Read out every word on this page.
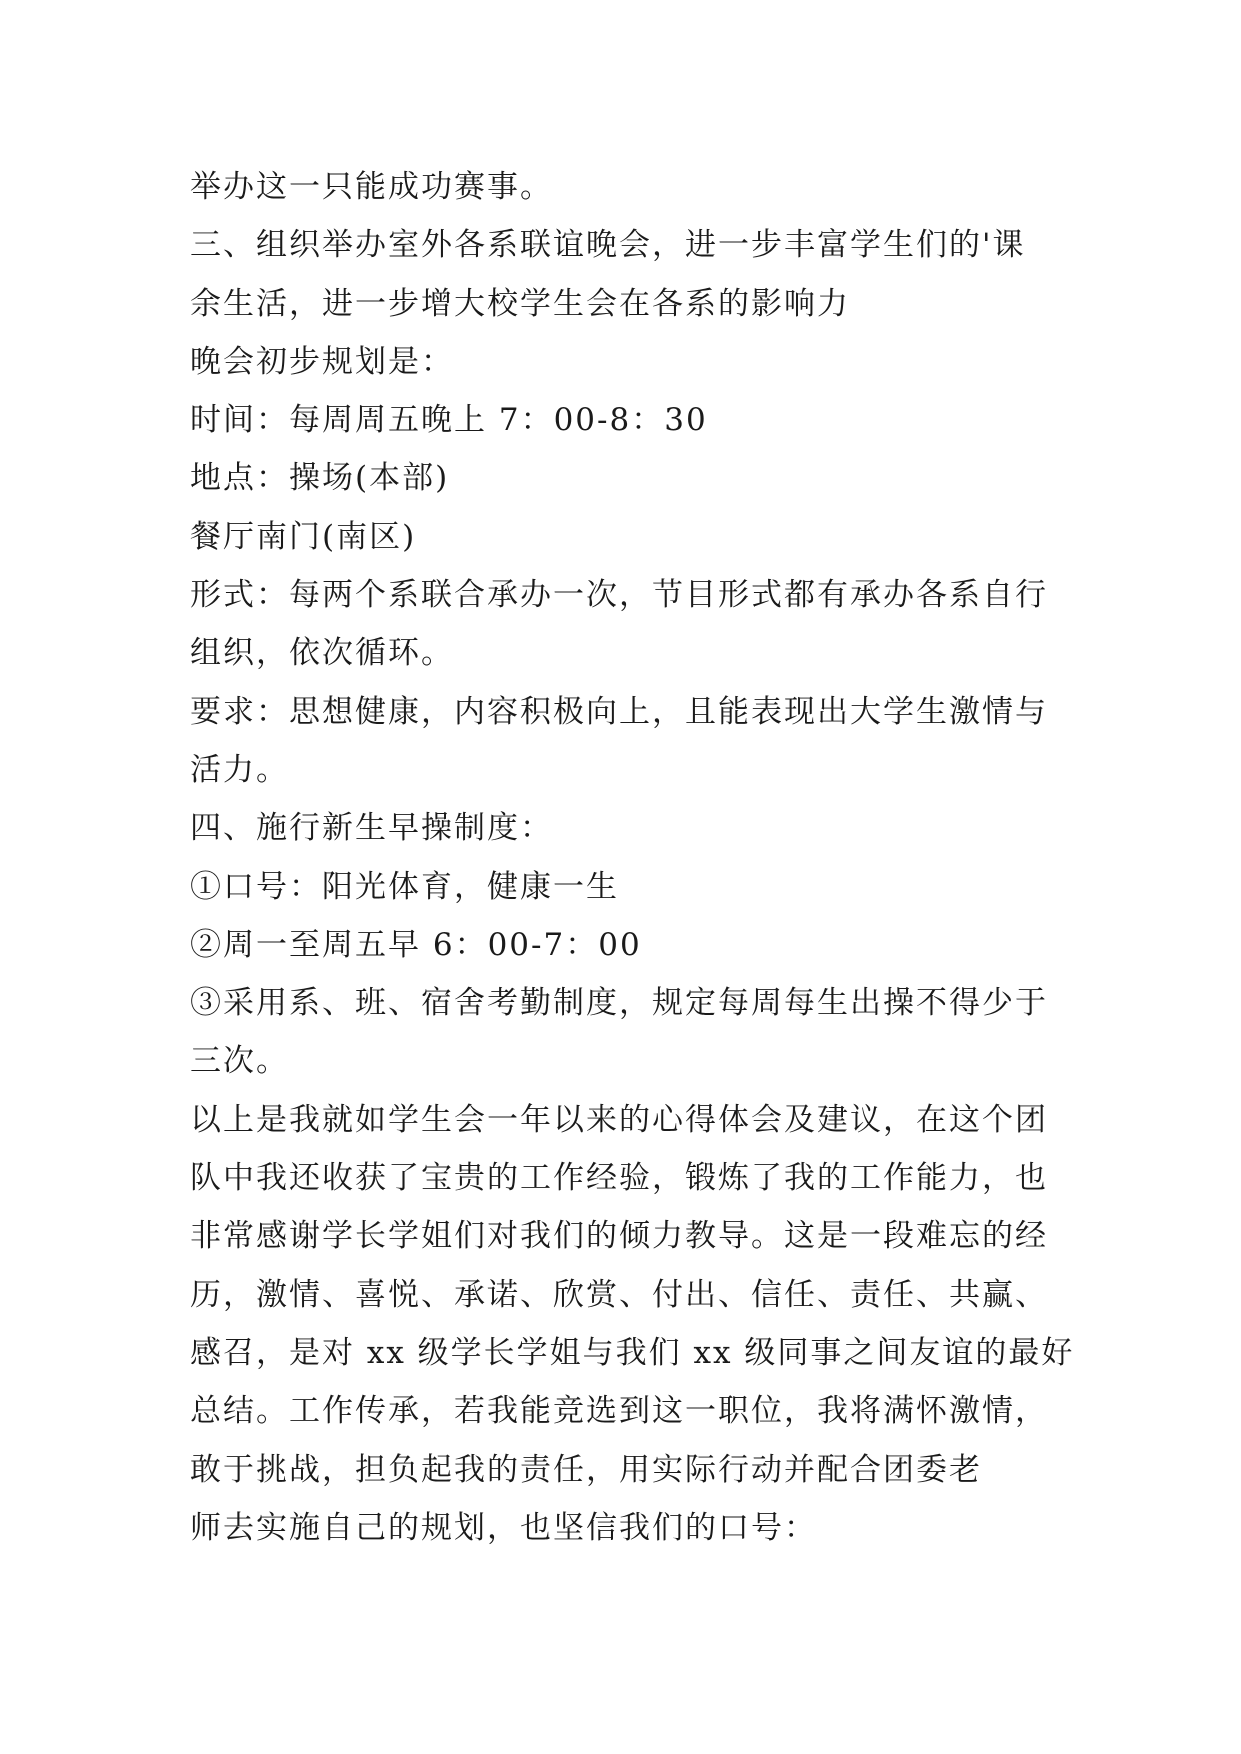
举办这一只能成功赛事。
三、组织举办室外各系联谊晚会，进一步丰富学生们的'课
余生活，进一步增大校学生会在各系的影响力
晚会初步规划是：
时间：每周周五晚上 7：00-8：30
地点：操场(本部)
餐厅南门(南区)
形式：每两个系联合承办一次，节目形式都有承办各系自行
组织，依次循环。
要求：思想健康，内容积极向上，且能表现出大学生激情与
活力。
四、施行新生早操制度：
①口号：阳光体育，健康一生
②周一至周五早 6：00-7：00
③采用系、班、宿舍考勤制度，规定每周每生出操不得少于
三次。
以上是我就如学生会一年以来的心得体会及建议，在这个团
队中我还收获了宝贵的工作经验，锻炼了我的工作能力，也
非常感谢学长学姐们对我们的倾力教导。这是一段难忘的经
历，激情、喜悦、承诺、欣赏、付出、信任、责任、共赢、
感召，是对 xx 级学长学姐与我们 xx 级同事之间友谊的最好
总结。工作传承，若我能竞选到这一职位，我将满怀激情，
敢于挑战，担负起我的责任，用实际行动并配合团委老
师去实施自己的规划，也坚信我们的口号：
